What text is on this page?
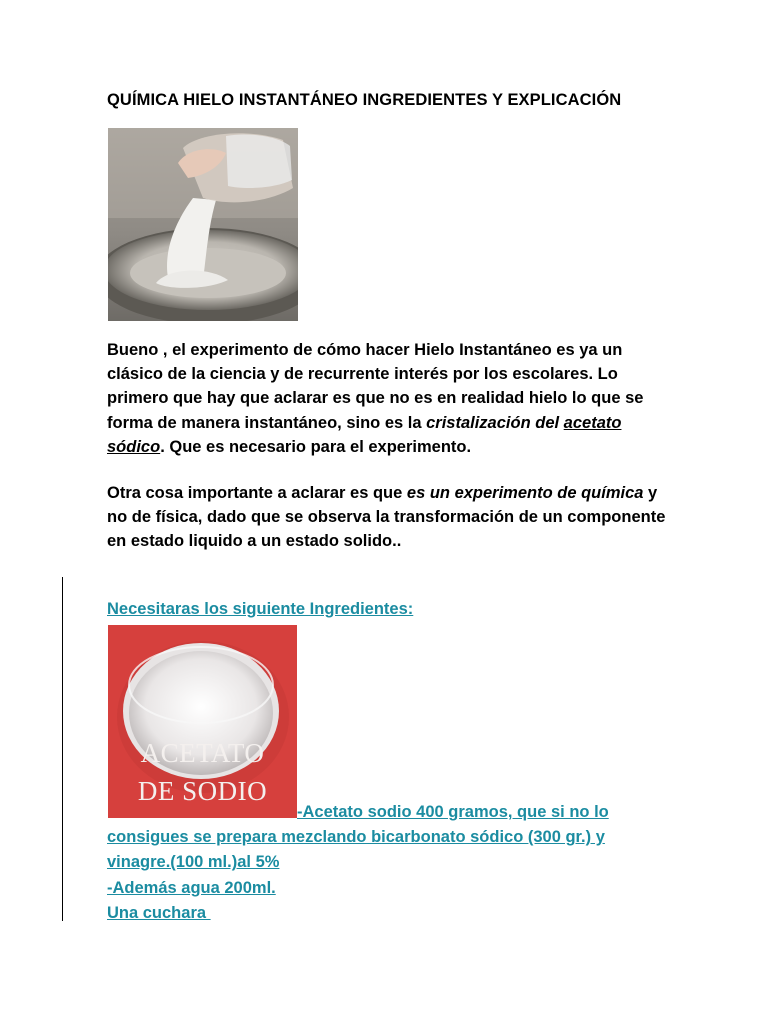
QUÍMICA HIELO INSTANTÁNEO INGREDIENTES Y EXPLICACIÓN
Bueno , el experimento de cómo hacer Hielo Instantáneo es ya un clásico de la ciencia y de recurrente interés por los escolares. Lo primero que hay que aclarar es que no es en realidad hielo lo que se forma de manera instantáneo, sino es la cristalización del acetato sódico. Que es necesario para el experimento.
Otra cosa importante a aclarar es que es un experimento de química y no de física, dado que se observa la transformación de un componente en estado liquido a un estado solido..
Necesitaras los siguiente Ingredientes:
ACETATO
DE SODIO
-Acetato sodio 400 gramos, que si no lo consigues se prepara mezclando bicarbonato sódico (300 gr.) y vinagre.(100 ml.)al 5%
-Además agua 200ml.
Una cuchara
